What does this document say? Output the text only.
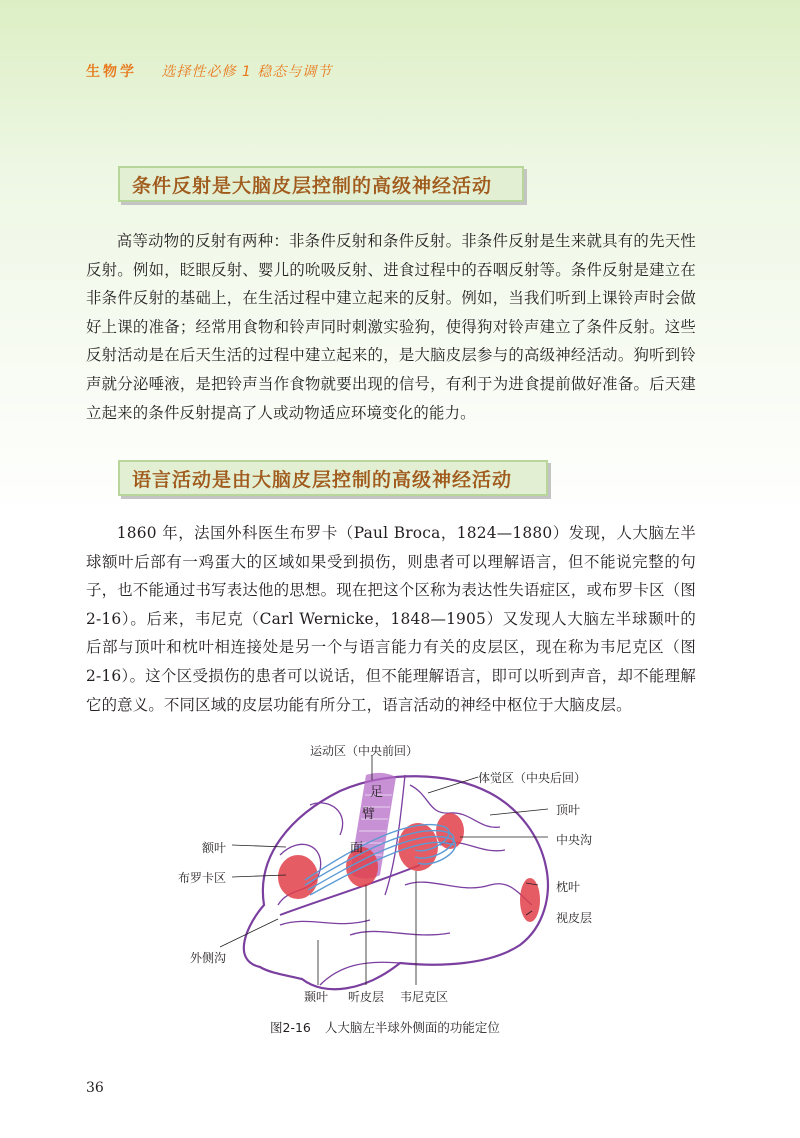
生物学 选择性必修 1 稳态与调节
条件反射是大脑皮层控制的高级神经活动

高等动物的反射有两种：非条件反射和条件反射。非条件反射是生来就具有的先天性反射。例如，眨眼反射、婴儿的吮吸反射、进食过程中的吞咽反射等。条件反射是建立在非条件反射的基础上，在生活过程中建立起来的反射。例如，当我们听到上课铃声时会做好上课的准备；经常用食物和铃声同时刺激实验狗，使得狗对铃声建立了条件反射。这些反射活动是在后天生活的过程中建立起来的，是大脑皮层参与的高级神经活动。狗听到铃声就分泌唾液，是把铃声当作食物就要出现的信号，有利于为进食提前做好准备。后天建立起来的条件反射提高了人或动物适应环境变化的能力。

语言活动是由大脑皮层控制的高级神经活动

1860 年，法国外科医生布罗卡（Paul Broca，1824—1880）发现，人大脑左半球额叶后部有一鸡蛋大的区域如果受到损伤，则患者可以理解语言，但不能说完整的句子，也不能通过书写表达他的思想。现在把这个区称为表达性失语症区，或布罗卡区（图 2-16）。后来，韦尼克（Carl Wernicke，1848—1905）又发现人大脑左半球颞叶的后部与顶叶和枕叶相连接处是另一个与语言能力有关的皮层区，现在称为韦尼克区（图 2-16）。这个区受损伤的患者可以说话，但不能理解语言，即可以听到声音，却不能理解它的意义。不同区域的皮层功能有所分工，语言活动的神经中枢位于大脑皮层。

运动区（中央前回）
体觉区（中央后回）
顶叶
中央沟
额叶
布罗卡区
枕叶
视皮层
外侧沟
颞叶 听皮层 韦尼克区
足
臂
面
图2-16 人大脑左半球外侧面的功能定位
36
